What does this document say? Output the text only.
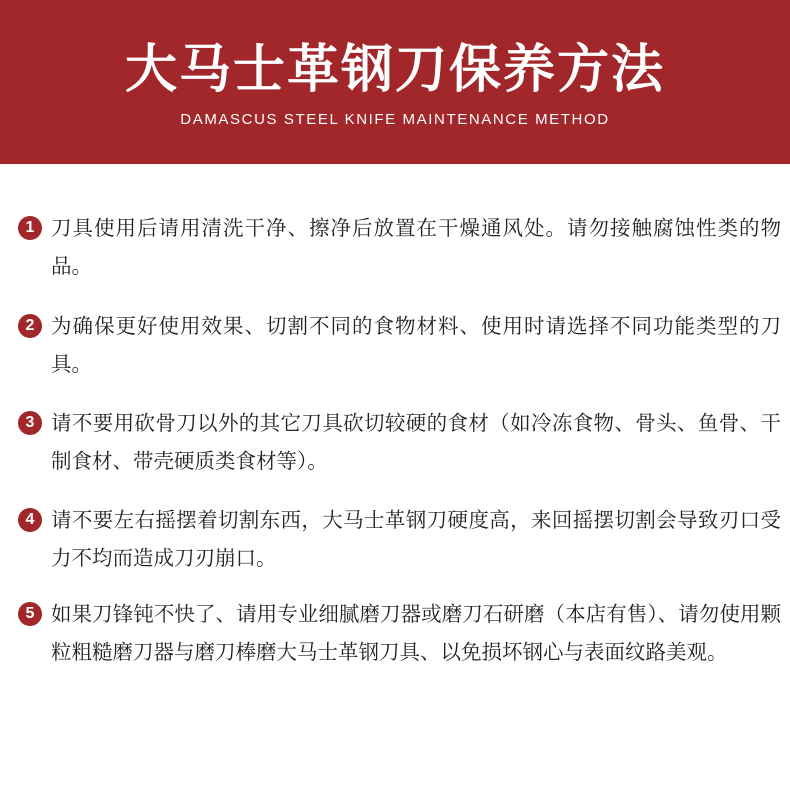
大马士革钢刀保养方法
DAMASCUS STEEL KNIFE MAINTENANCE METHOD
1 刀具使用后请用清洗干净、擦净后放置在干燥通风处。请勿接触腐蚀性类的物品。
2 为确保更好使用效果、切割不同的食物材料、使用时请选择不同功能类型的刀具。
3 请不要用砍骨刀以外的其它刀具砍切较硬的食材（如冷冻食物、骨头、鱼骨、干制食材、带壳硬质类食材等）。
4 请不要左右摇摆着切割东西，大马士革钢刀硬度高，来回摇摆切割会导致刃口受力不均而造成刀刃崩口。
5 如果刀锋钝不快了、请用专业细腻磨刀器或磨刀石研磨（本店有售）、请勿使用颗粒粗糙磨刀器与磨刀棒磨大马士革钢刀具、以免损坏钢心与表面纹路美观。
